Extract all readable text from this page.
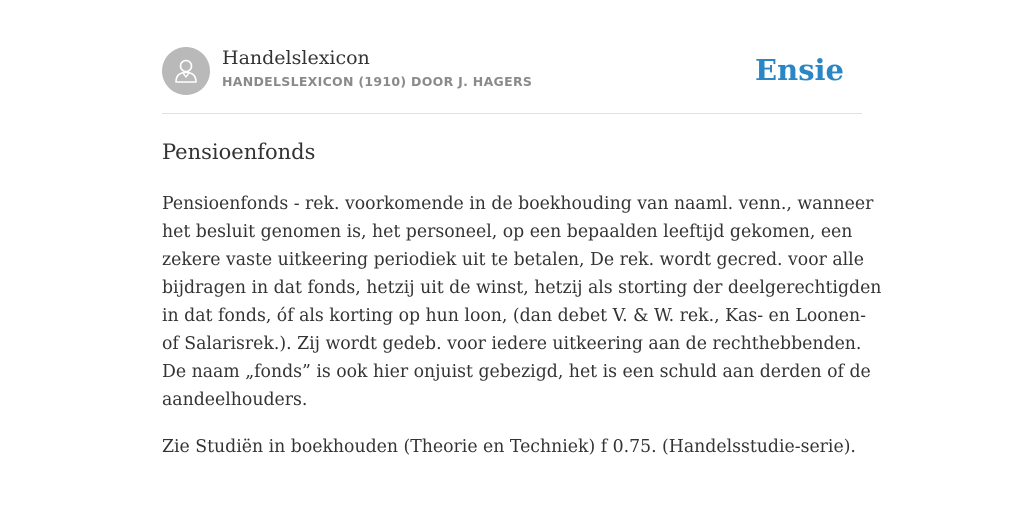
Handelslexicon
HANDELSLEXICON (1910) DOOR J. HAGERS	Ensie
Pensioenfonds

Pensioenfonds - rek. voorkomende in de boekhouding van naaml. venn., wanneer
het besluit genomen is, het personeel, op een bepaalden leeftijd gekomen, een
zekere vaste uitkeering periodiek uit te betalen, De rek. wordt gecred. voor alle
bijdragen in dat fonds, hetzij uit de winst, hetzij als storting der deelgerechtigden
in dat fonds, óf als korting op hun loon, (dan debet V. & W. rek., Kas- en Loonen-
of Salarisrek.). Zij wordt gedeb. voor iedere uitkeering aan de rechthebbenden.
De naam „fonds” is ook hier onjuist gebezigd, het is een schuld aan derden of de
aandeelhouders.

Zie Studiën in boekhouden (Theorie en Techniek) f 0.75. (Handelsstudie-serie).
